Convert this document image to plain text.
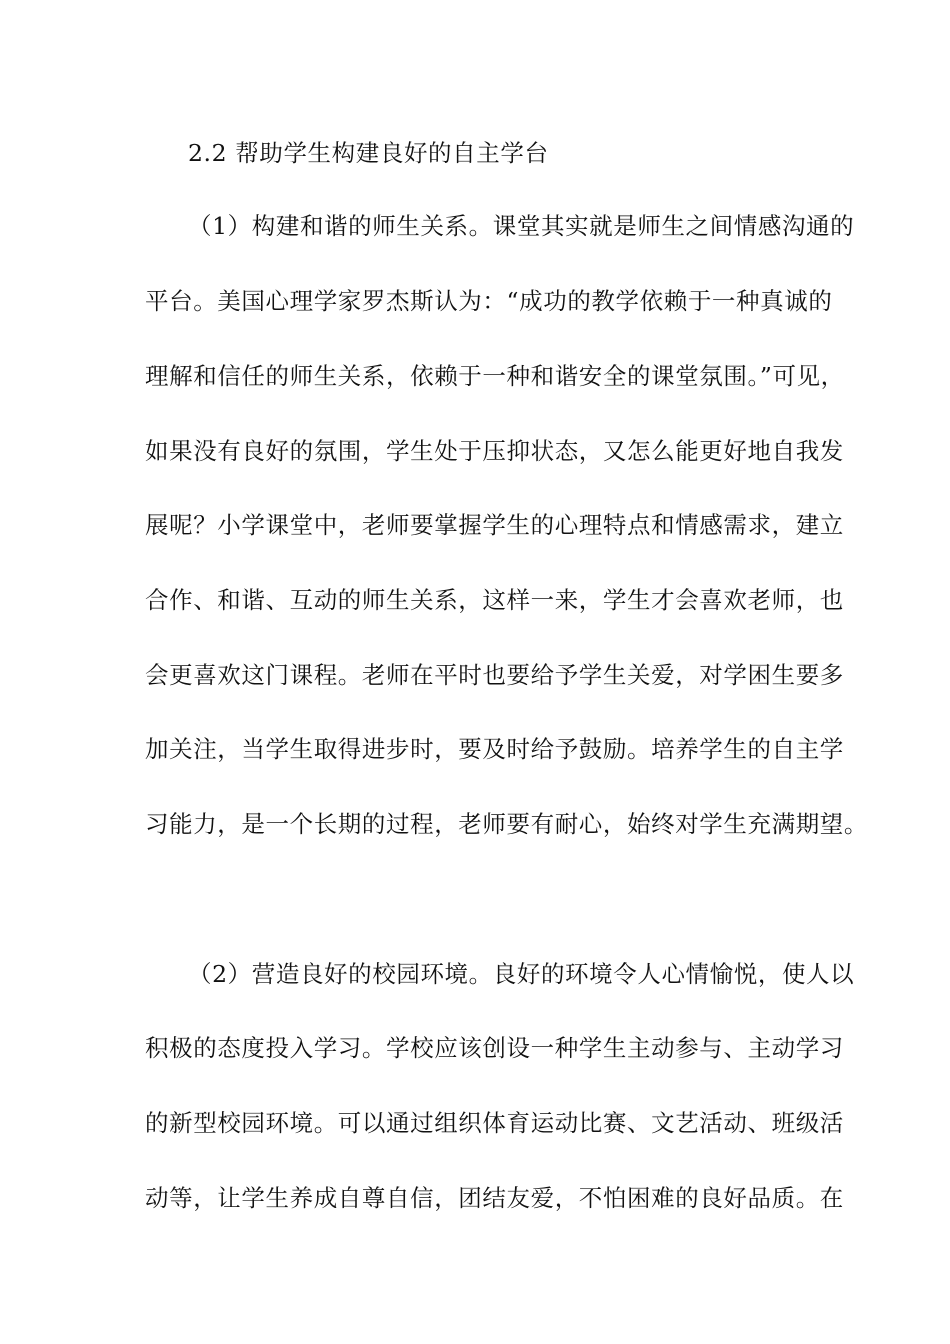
2.2 帮助学生构建良好的自主学台
（1）构建和谐的师生关系。课堂其实就是师生之间情感沟通的
平台。美国心理学家罗杰斯认为：“成功的教学依赖于一种真诚的
理解和信任的师生关系，依赖于一种和谐安全的课堂氛围。”可见，
如果没有良好的氛围，学生处于压抑状态，又怎么能更好地自我发
展呢？小学课堂中，老师要掌握学生的心理特点和情感需求，建立
合作、和谐、互动的师生关系，这样一来，学生才会喜欢老师，也
会更喜欢这门课程。老师在平时也要给予学生关爱，对学困生要多
加关注，当学生取得进步时，要及时给予鼓励。培养学生的自主学
习能力，是一个长期的过程，老师要有耐心，始终对学生充满期望。
（2）营造良好的校园环境。良好的环境令人心情愉悦，使人以
积极的态度投入学习。学校应该创设一种学生主动参与、主动学习
的新型校园环境。可以通过组织体育运动比赛、文艺活动、班级活
动等，让学生养成自尊自信，团结友爱，不怕困难的良好品质。在
